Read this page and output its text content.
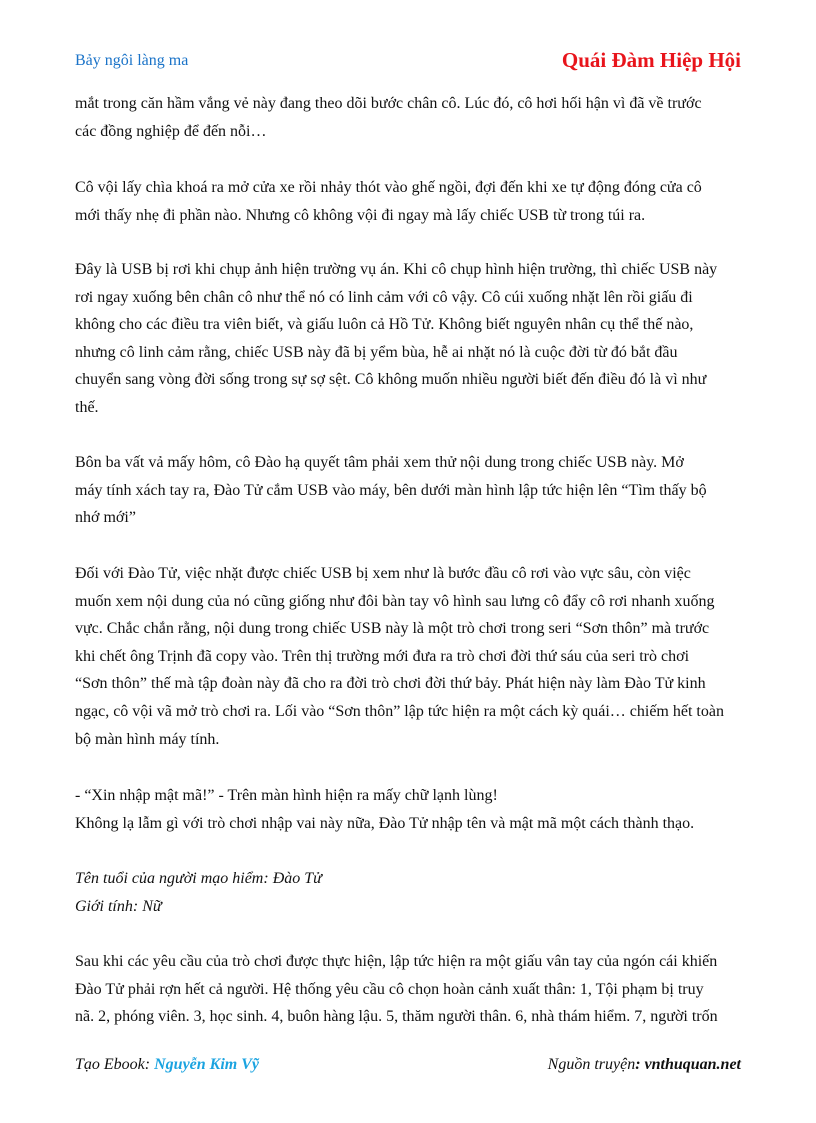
Bảy ngôi làng ma	Quái Đàm Hiệp Hội
mắt trong căn hầm vắng vẻ này đang theo dõi bước chân cô. Lúc đó, cô hơi hối hận vì đã về trước
các đồng nghiệp để đến nỗi…
Cô vội lấy chìa khoá ra mở cửa xe rồi nhảy thót vào ghế ngồi, đợi đến khi xe tự động đóng cửa cô
mới thấy nhẹ đi phần nào. Nhưng cô không vội đi ngay mà lấy chiếc USB từ trong túi ra.
Đây là USB bị rơi khi chụp ảnh hiện trường vụ án. Khi cô chụp hình hiện trường, thì chiếc USB này
rơi ngay xuống bên chân cô như thể nó có linh cảm với cô vậy. Cô cúi xuống nhặt lên rồi giấu đi
không cho các điều tra viên biết, và giấu luôn cả Hồ Tử. Không biết nguyên nhân cụ thể thế nào,
nhưng cô linh cảm rằng, chiếc USB này đã bị yểm bùa, hễ ai nhặt nó là cuộc đời từ đó bắt đầu
chuyển sang vòng đời sống trong sự sợ sệt. Cô không muốn nhiều người biết đến điều đó là vì như
thế.
Bôn ba vất vả mấy hôm, cô Đào hạ quyết tâm phải xem thử nội dung trong chiếc USB này. Mở
máy tính xách tay ra, Đào Tử cắm USB vào máy, bên dưới màn hình lập tức hiện lên “Tìm thấy bộ
nhớ mới”
Đối với Đào Tử, việc nhặt được chiếc USB bị xem như là bước đầu cô rơi vào vực sâu, còn việc
muốn xem nội dung của nó cũng giống như đôi bàn tay vô hình sau lưng cô đẩy cô rơi nhanh xuống
vực. Chắc chắn rằng, nội dung trong chiếc USB này là một trò chơi trong seri “Sơn thôn” mà trước
khi chết ông Trịnh đã copy vào. Trên thị trường mới đưa ra trò chơi đời thứ sáu của seri trò chơi
“Sơn thôn” thế mà tập đoàn này đã cho ra đời trò chơi đời thứ bảy. Phát hiện này làm Đào Tử kinh
ngạc, cô vội vã mở trò chơi ra. Lối vào “Sơn thôn” lập tức hiện ra một cách kỳ quái… chiếm hết toàn
bộ màn hình máy tính.
- “Xin nhập mật mã!” - Trên màn hình hiện ra mấy chữ lạnh lùng!
Không lạ lẫm gì với trò chơi nhập vai này nữa, Đào Tử nhập tên và mật mã một cách thành thạo.
Tên tuổi của người mạo hiểm: Đào Tử
Giới tính: Nữ
Sau khi các yêu cầu của trò chơi được thực hiện, lập tức hiện ra một giấu vân tay của ngón cái khiến
Đào Tử phải rợn hết cả người. Hệ thống yêu cầu cô chọn hoàn cảnh xuất thân: 1, Tội phạm bị truy
nã. 2, phóng viên. 3, học sinh. 4, buôn hàng lậu. 5, thăm người thân. 6, nhà thám hiểm. 7, người trốn
Tạo Ebook: Nguyễn Kim Vỹ	Nguồn truyện: vnthuquan.net
